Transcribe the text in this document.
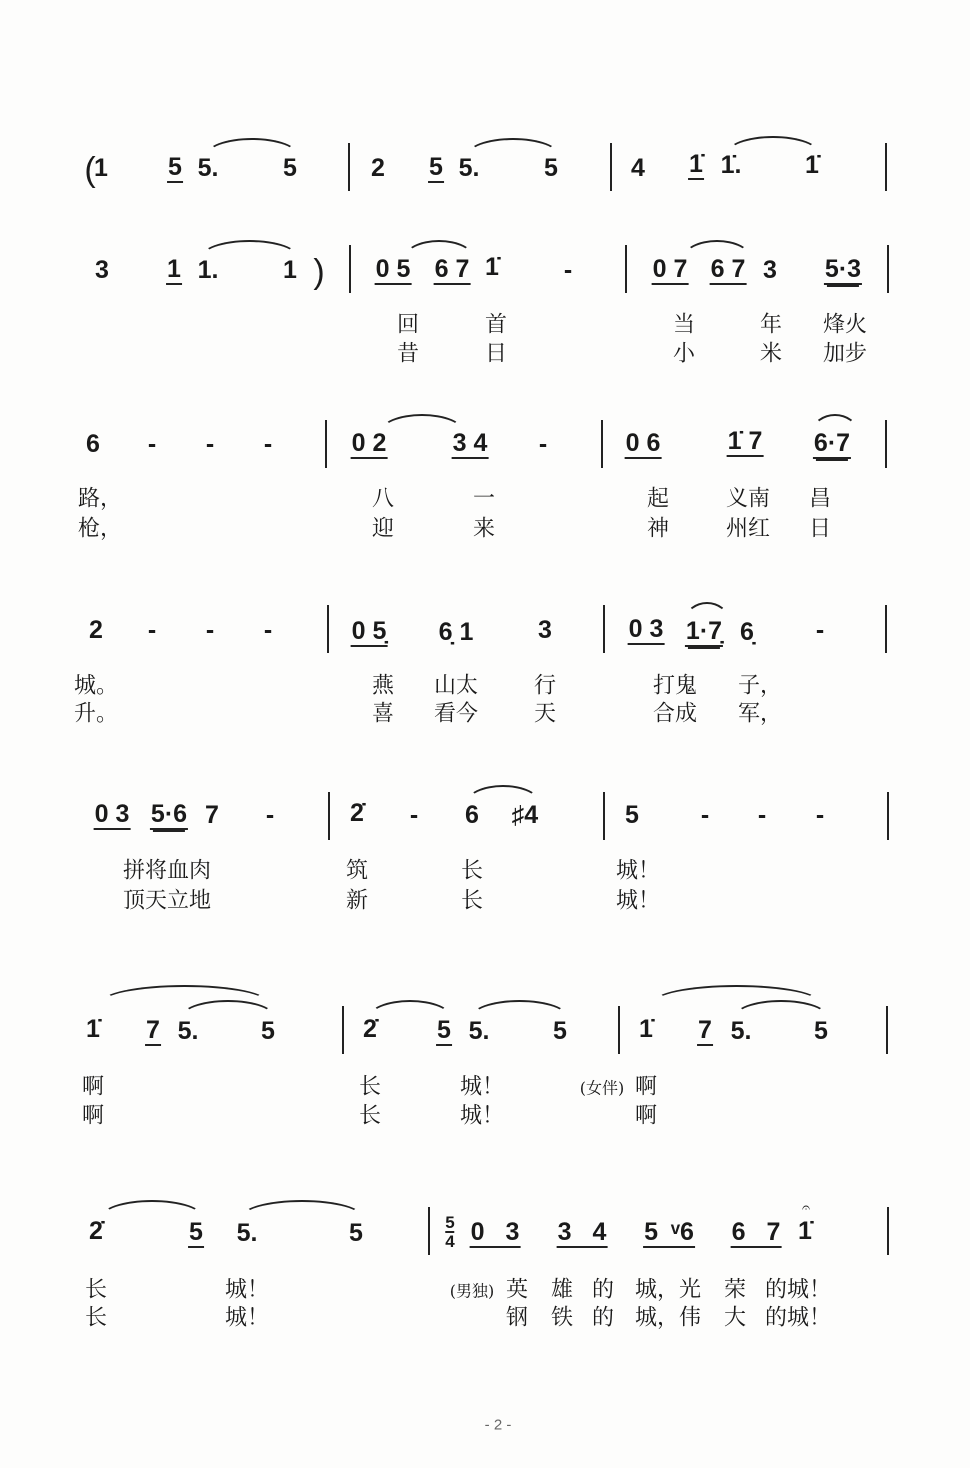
(
1 5 5.	5	2 5 5.	5	4 1̇ 1̇.	1̇
3 1 1.	1 ) 0 5 6 7 1̇	-	0 7 6 7 3 5·3
回	首	当	年 烽火
昔	日	小	米 加步
6 - - -	0 2	3 4 -	0 6	1̇ 7 6·7
路，	八	一	起	义南 昌
枪，	迎	来	神	州红 日
2 - - -	0 5̣ 6̣ 1	3	0 3 1·7̣ 6̣ -
燕
城。	山太	行	打鬼 子，
升。	喜 看今	天	合成 军，
0 3 5·6 7 -	2̇ - 6 ♯4	5 - - -
拼将血肉	筑	长	城！
顶天立地	新	长	城！
1̇ 7 5.	5	2̇ 5 5.	5	1̇ 7 5.	5
啊	长	城！	(女伴) 啊
啊	长	城！	啊
2̇	5 5.	5	$\frac{5}{4} 0$ 3 3 4 5 ᵛ6 6 7 1̇
𝄐
长	城！	(男独) 英 雄 的 城，光 荣 的城！
长	城！	钢 铁 的 城，伟 大 的城！
- 2 -
